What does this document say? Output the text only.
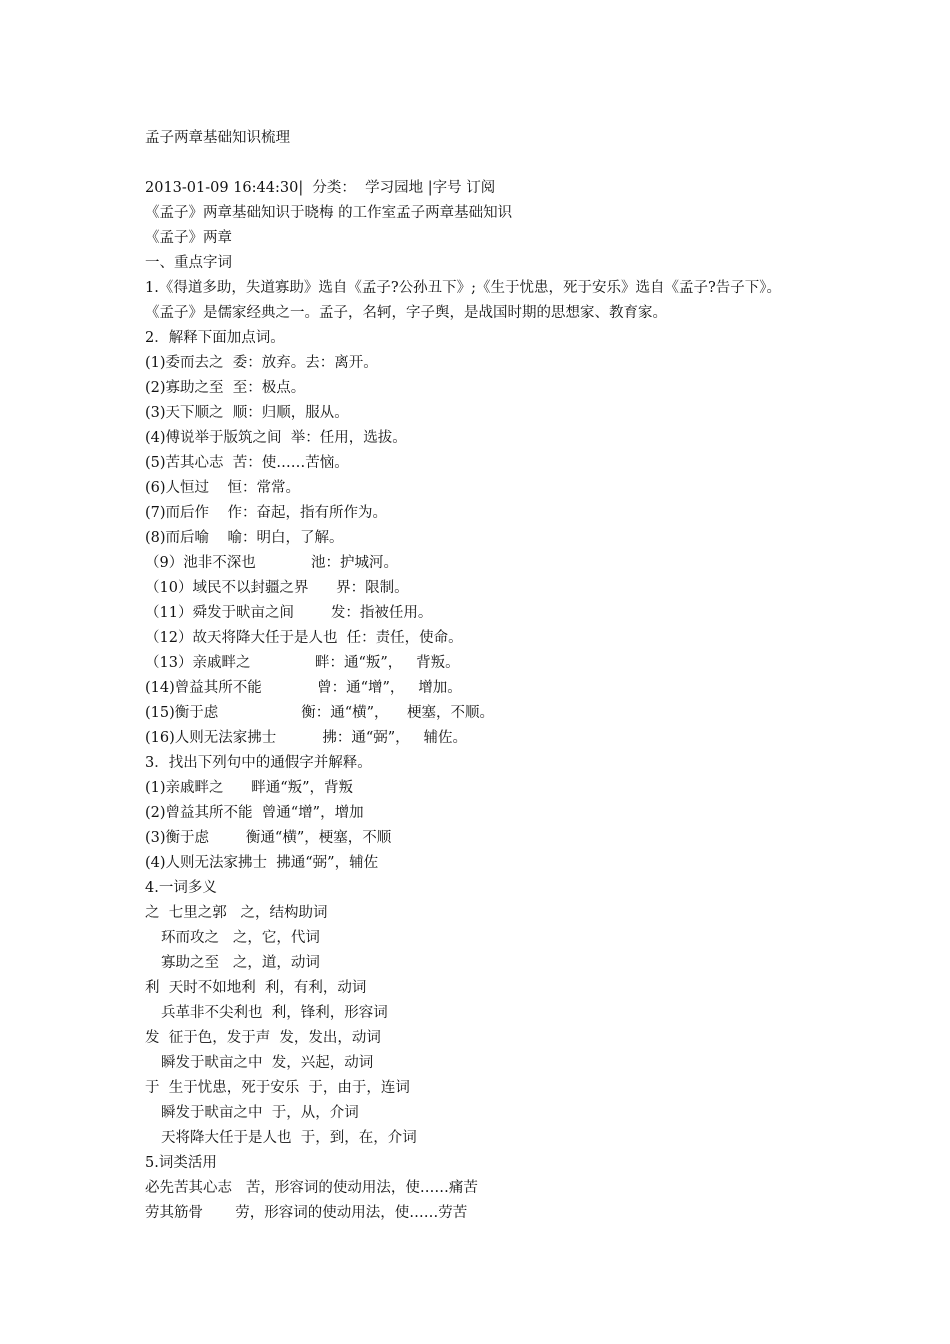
孟子两章基础知识梳理
2013-01-09 16:44:30|  分类：  学习园地 |字号 订阅
《孟子》两章基础知识于晓梅 的工作室孟子两章基础知识
《孟子》两章
一、重点字词
1.《得道多助，失道寡助》选自《孟子?公孙丑下》;《生于忧患，死于安乐》选自《孟子?告子下》。
《孟子》是儒家经典之一。孟子，名轲，字子舆，是战国时期的思想家、教育家。
2．解释下面加点词。
(1)委而去之  委：放弃。去：离开。
(2)寡助之至  至：极点。
(3)天下顺之  顺：归顺，服从。
(4)傅说举于版筑之间  举：任用，选拔。
(5)苦其心志  苦：使……苦恼。
(6)人恒过    恒：常常。
(7)而后作    作：奋起，指有所作为。
(8)而后喻    喻：明白，了解。
（9）池非不深也            池：护城河。
（10）域民不以封疆之界      界：限制。
（11）舜发于畎亩之间        发：指被任用。
（12）故天将降大任于是人也  任：责任，使命。
（13）亲戚畔之              畔：通“叛”，   背叛。
(14)曾益其所不能            曾：通“增”，   增加。
(15)衡于虑                  衡：通“横”，    梗塞，不顺。
(16)人则无法家拂士          拂：通“弼”，   辅佐。
3．找出下列句中的通假字并解释。
(1)亲戚畔之      畔通“叛”，背叛
(2)曾益其所不能  曾通“增”，增加
(3)衡于虑        衡通“横”，梗塞，不顺
(4)人则无法家拂士  拂通“弼”，辅佐
4.一词多义
之  七里之郭   之，结构助词
环而攻之   之，它，代词
寡助之至   之，道，动词
利  天时不如地利  利，有利，动词
兵革非不尖利也  利，锋利，形容词
发  征于色，发于声  发，发出，动词
瞬发于畎亩之中  发，兴起，动词
于  生于忧患，死于安乐  于，由于，连词
瞬发于畎亩之中  于，从，介词
天将降大任于是人也  于，到，在，介词
5.词类活用
必先苦其心志   苦，形容词的使动用法，使……痛苦
劳其筋骨       劳，形容词的使动用法，使……劳苦
